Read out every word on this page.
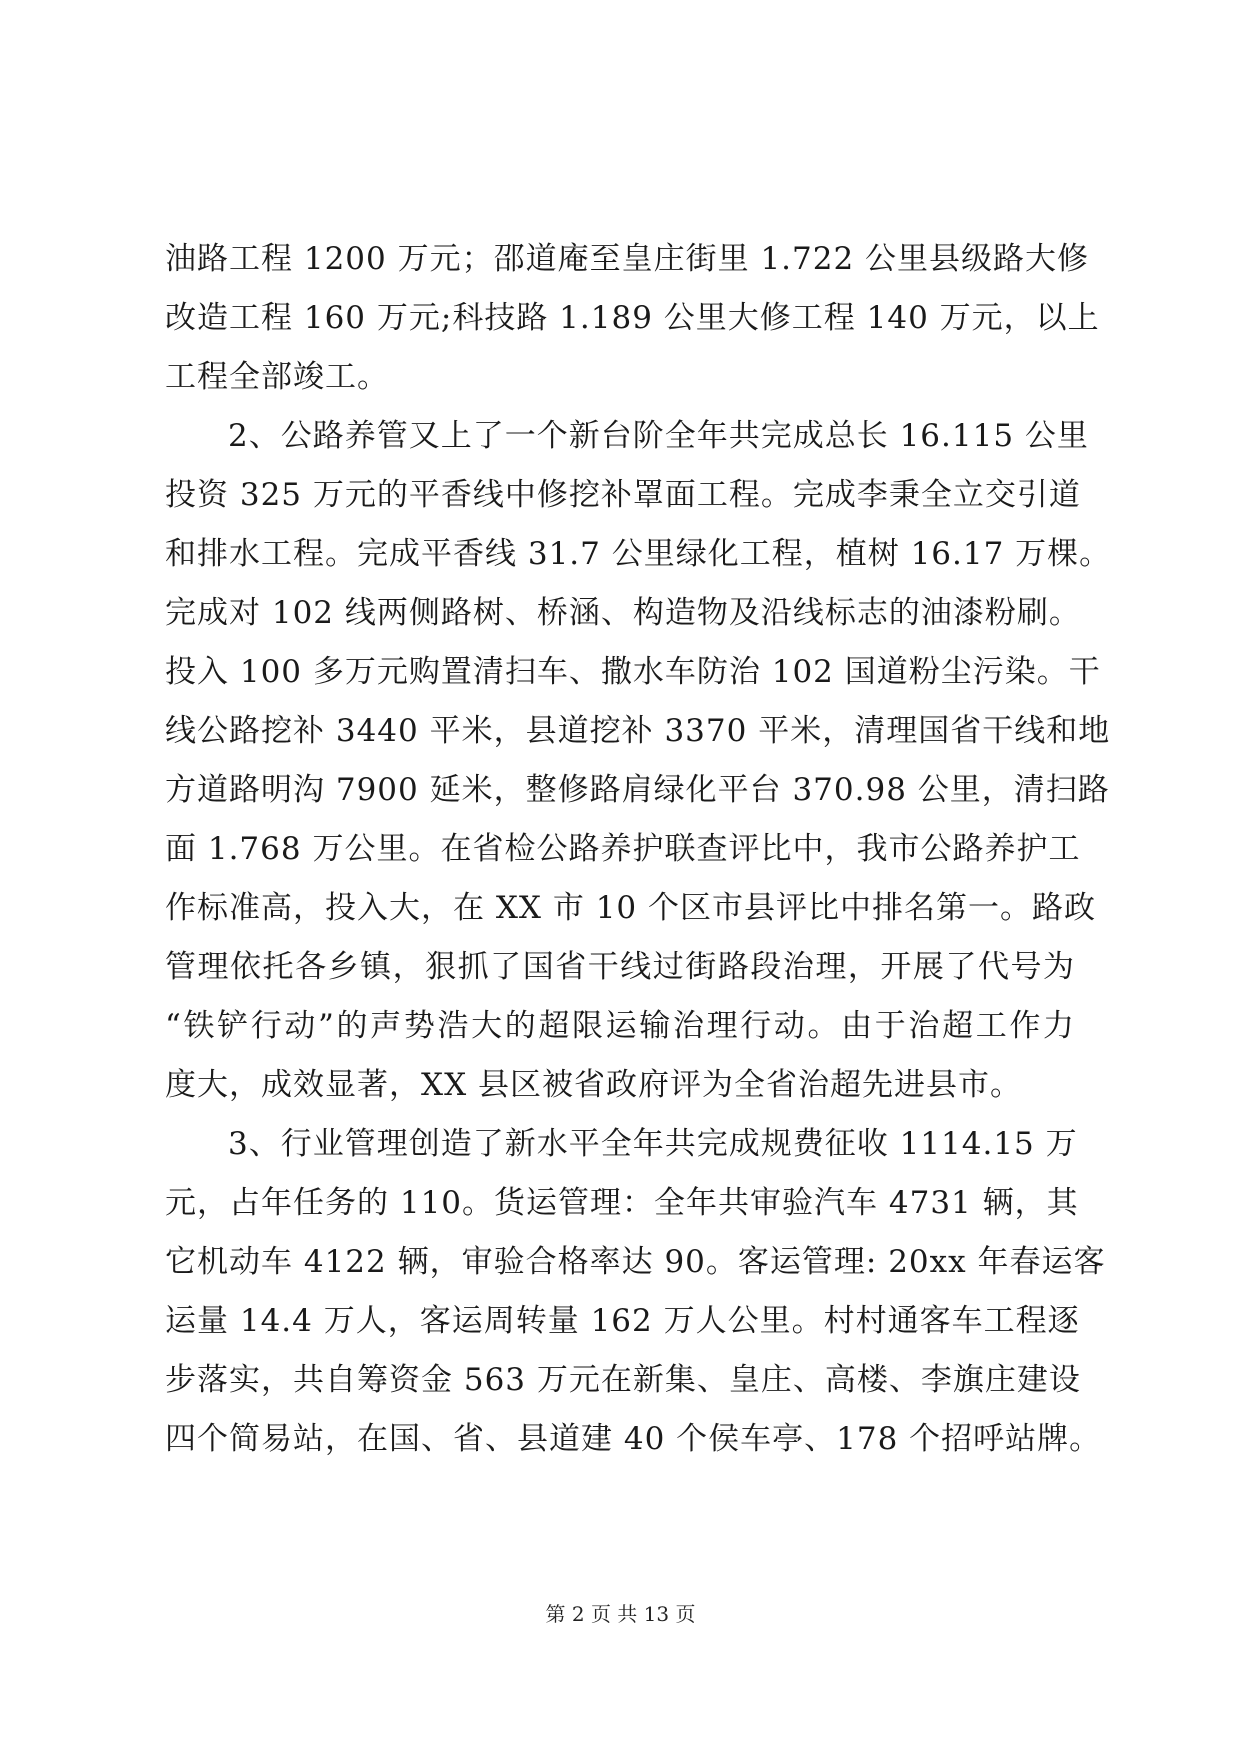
油路工程 1200 万元；邵道庵至皇庄街里 1.722 公里县级路大修
改造工程 160 万元;科技路 1.189 公里大修工程 140 万元，以上
工程全部竣工。
2、公路养管又上了一个新台阶全年共完成总长 16.115 公里
投资 325 万元的平香线中修挖补罩面工程。完成李秉全立交引道
和排水工程。完成平香线 31.7 公里绿化工程，植树 16.17 万棵。
完成对 102 线两侧路树、桥涵、构造物及沿线标志的油漆粉刷。
投入 100 多万元购置清扫车、撒水车防治 102 国道粉尘污染。干
线公路挖补 3440 平米，县道挖补 3370 平米，清理国省干线和地
方道路明沟 7900 延米，整修路肩绿化平台 370.98 公里，清扫路
面 1.768 万公里。在省检公路养护联查评比中，我市公路养护工
作标准高，投入大，在 XX 市 10 个区市县评比中排名第一。路政
管理依托各乡镇，狠抓了国省干线过街路段治理，开展了代号为
“铁铲行动”的声势浩大的超限运输治理行动。由于治超工作力
度大，成效显著，XX 县区被省政府评为全省治超先进县市。
3、行业管理创造了新水平全年共完成规费征收 1114.15 万
元，占年任务的 110。货运管理：全年共审验汽车 4731 辆，其
它机动车 4122 辆，审验合格率达 90。客运管理: 20xx 年春运客
运量 14.4 万人，客运周转量 162 万人公里。村村通客车工程逐
步落实，共自筹资金 563 万元在新集、皇庄、高楼、李旗庄建设
四个简易站，在国、省、县道建 40 个侯车亭、178 个招呼站牌。
第 2 页 共 13 页
